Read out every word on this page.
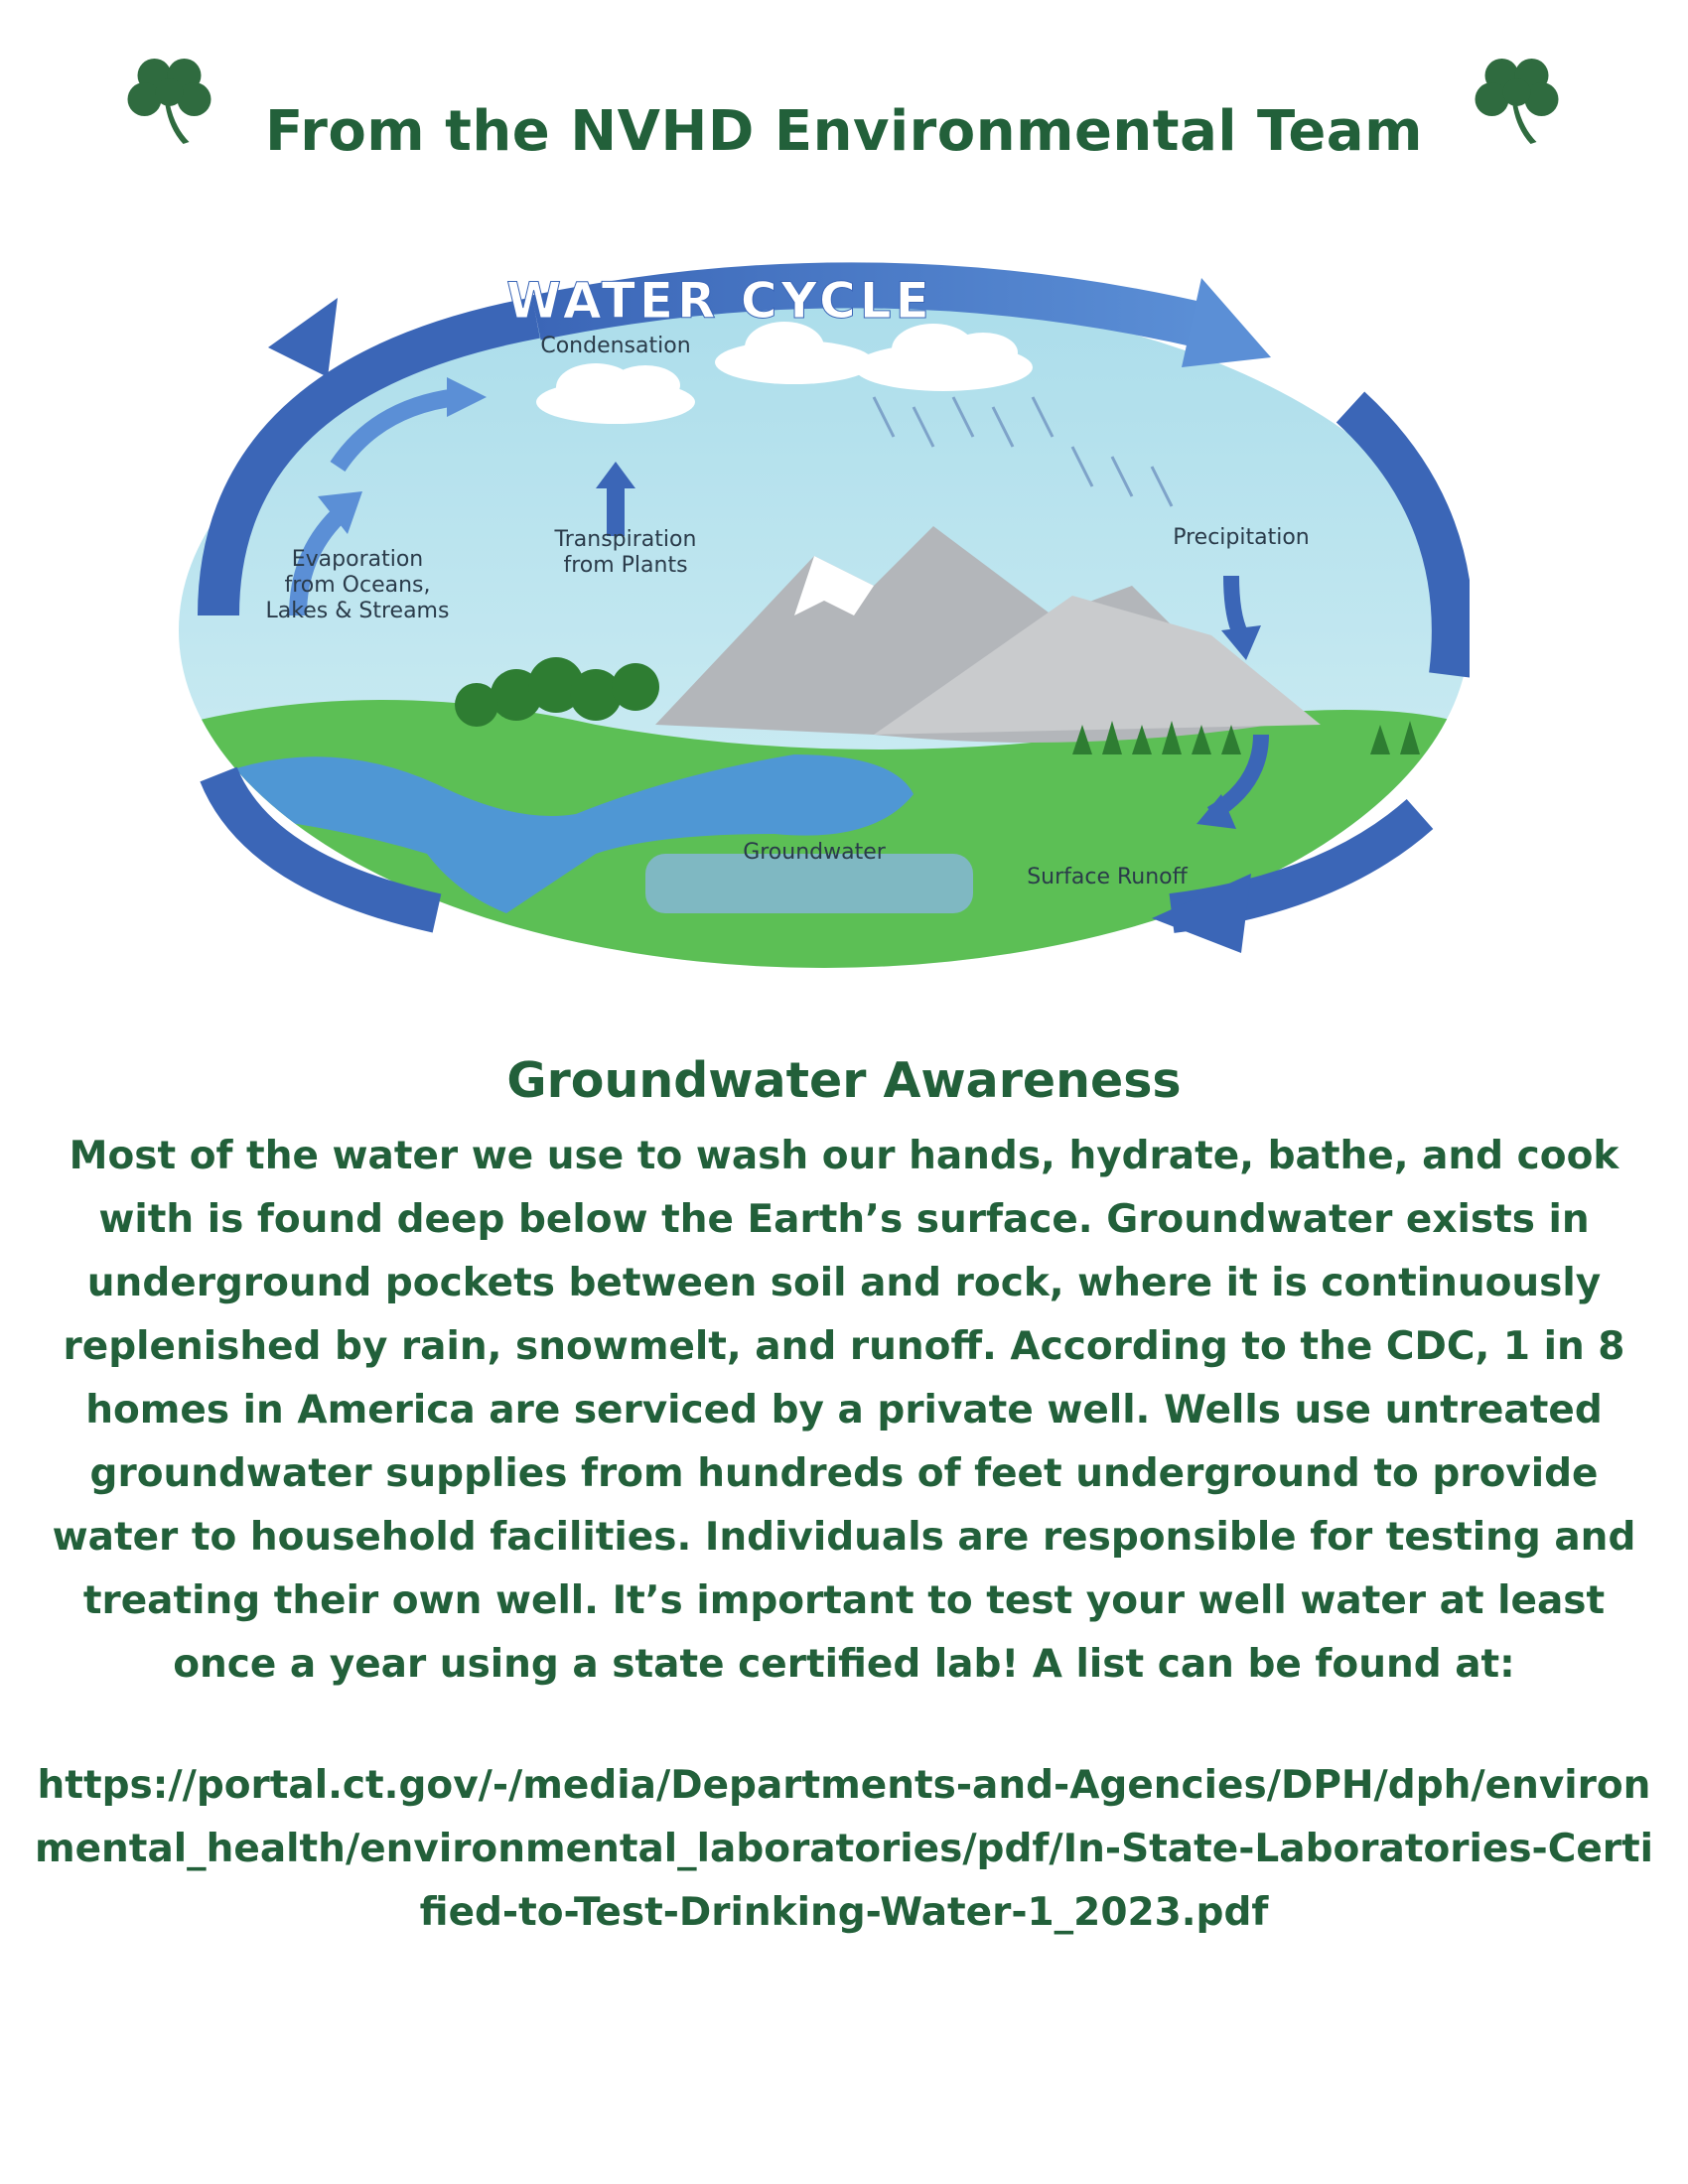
From the NVHD Environmental Team
WATER CYCLE
Condensation
Evaporation
from Oceans,
Lakes & Streams
Transpiration
from Plants
Precipitation
Groundwater
Surface Runoff
Groundwater Awareness
Most of the water we use to wash our hands, hydrate, bathe, and cook with is found deep below the Earth’s surface. Groundwater exists in underground pockets between soil and rock, where it is continuously replenished by rain, snowmelt, and runoff. According to the CDC, 1 in 8 homes in America are serviced by a private well. Wells use untreated groundwater supplies from hundreds of feet underground to provide water to household facilities. Individuals are responsible for testing and treating their own well. It’s important to test your well water at least once a year using a state certified lab! A list can be found at:
https://portal.ct.gov/-/media/Departments-and-Agencies/DPH/dph/environmental_health/environmental_laboratories/pdf/In-State-Laboratories-Certified-to-Test-Drinking-Water-1_2023.pdf
